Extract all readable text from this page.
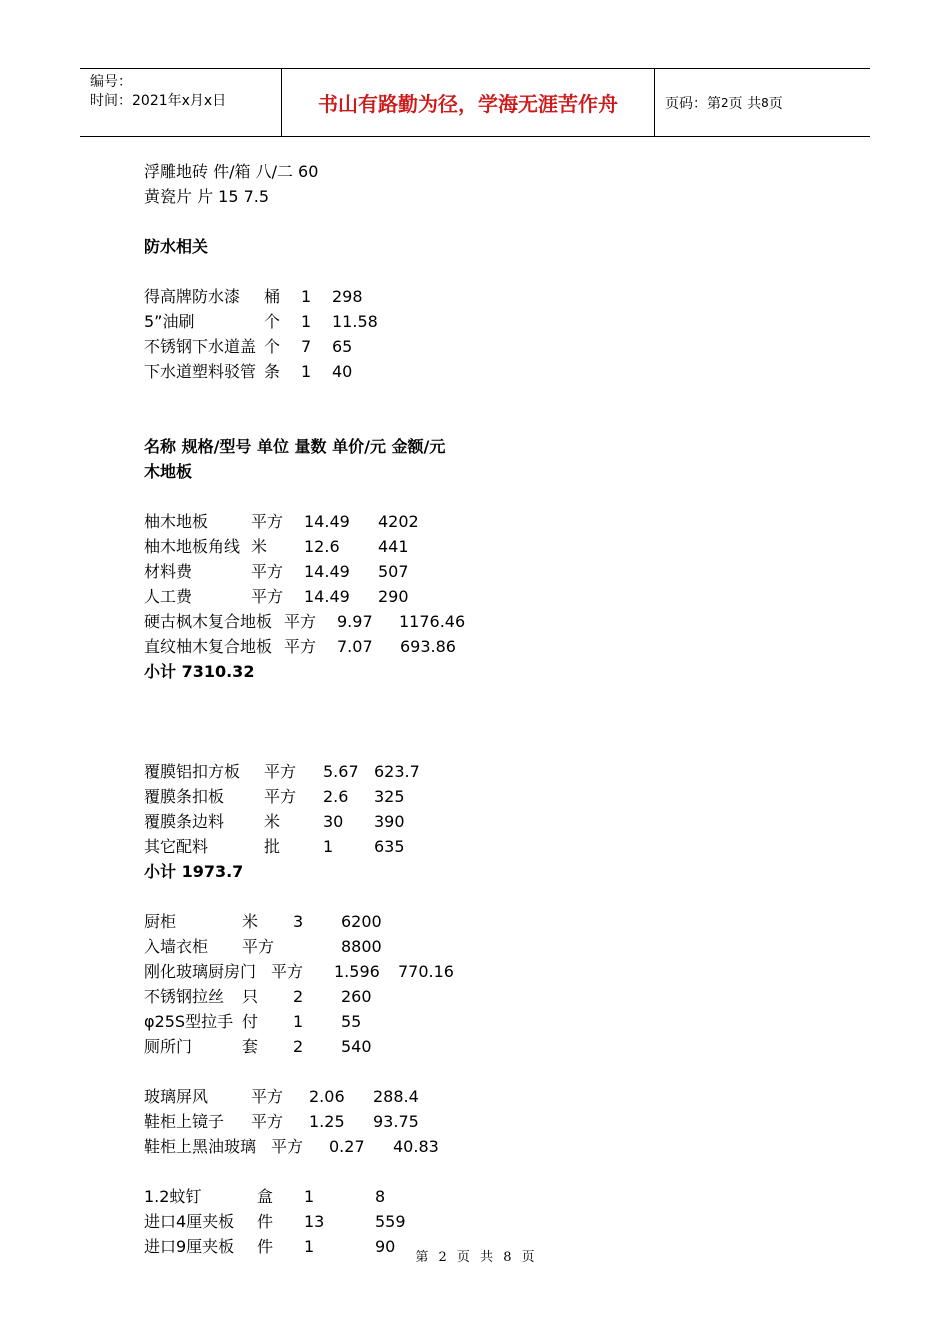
编号：
时间：2021年x月x日	书山有路勤为径，学海无涯苦作舟	页码：第 2 页 共 8 页
浮雕地砖 件/箱 八/二 60
黄瓷片 片 15 7.5
防水相关
得高牌防水漆 桶 1 298
5”油刷	个 1 11.58
不锈钢下水道盖 个 7 65
下水道塑料驳管 条 1 40
名称 规格/型号 单位 量数 单价/元 金额/元
木地板
柚木地板	平方 14.49 4202
柚木地板角线 米 12.6 441
材料费	平方 14.49 507
人工费	平方 14.49 290
硬古枫木复合地板 平方 9.97 1176.46
直纹柚木复合地板 平方 7.07 693.86
小计 7310.32
覆膜铝扣方板 平方 5.67 623.7
覆膜条扣板 平方 2.6 325
覆膜条边料 米	30 390
其它配料	批	1	635
小计 1973.7
厨柜	米 3 6200
入墙衣柜 平方	8800
刚化玻璃厨房门 平方 1.596 770.16
不锈钢拉丝 只 2 260
φ25S型拉手 付 1 55
厕所门	套 2 540
玻璃屏风	平方 2.06 288.4
鞋柜上镜子 平方 1.25 93.75
鞋柜上黑油玻璃 平方 0.27 40.83
1.2蚊钉	盒 1	8
进口4厘夹板 件 13	559
进口9厘夹板 件 1	90
第 2 页 共 8 页
